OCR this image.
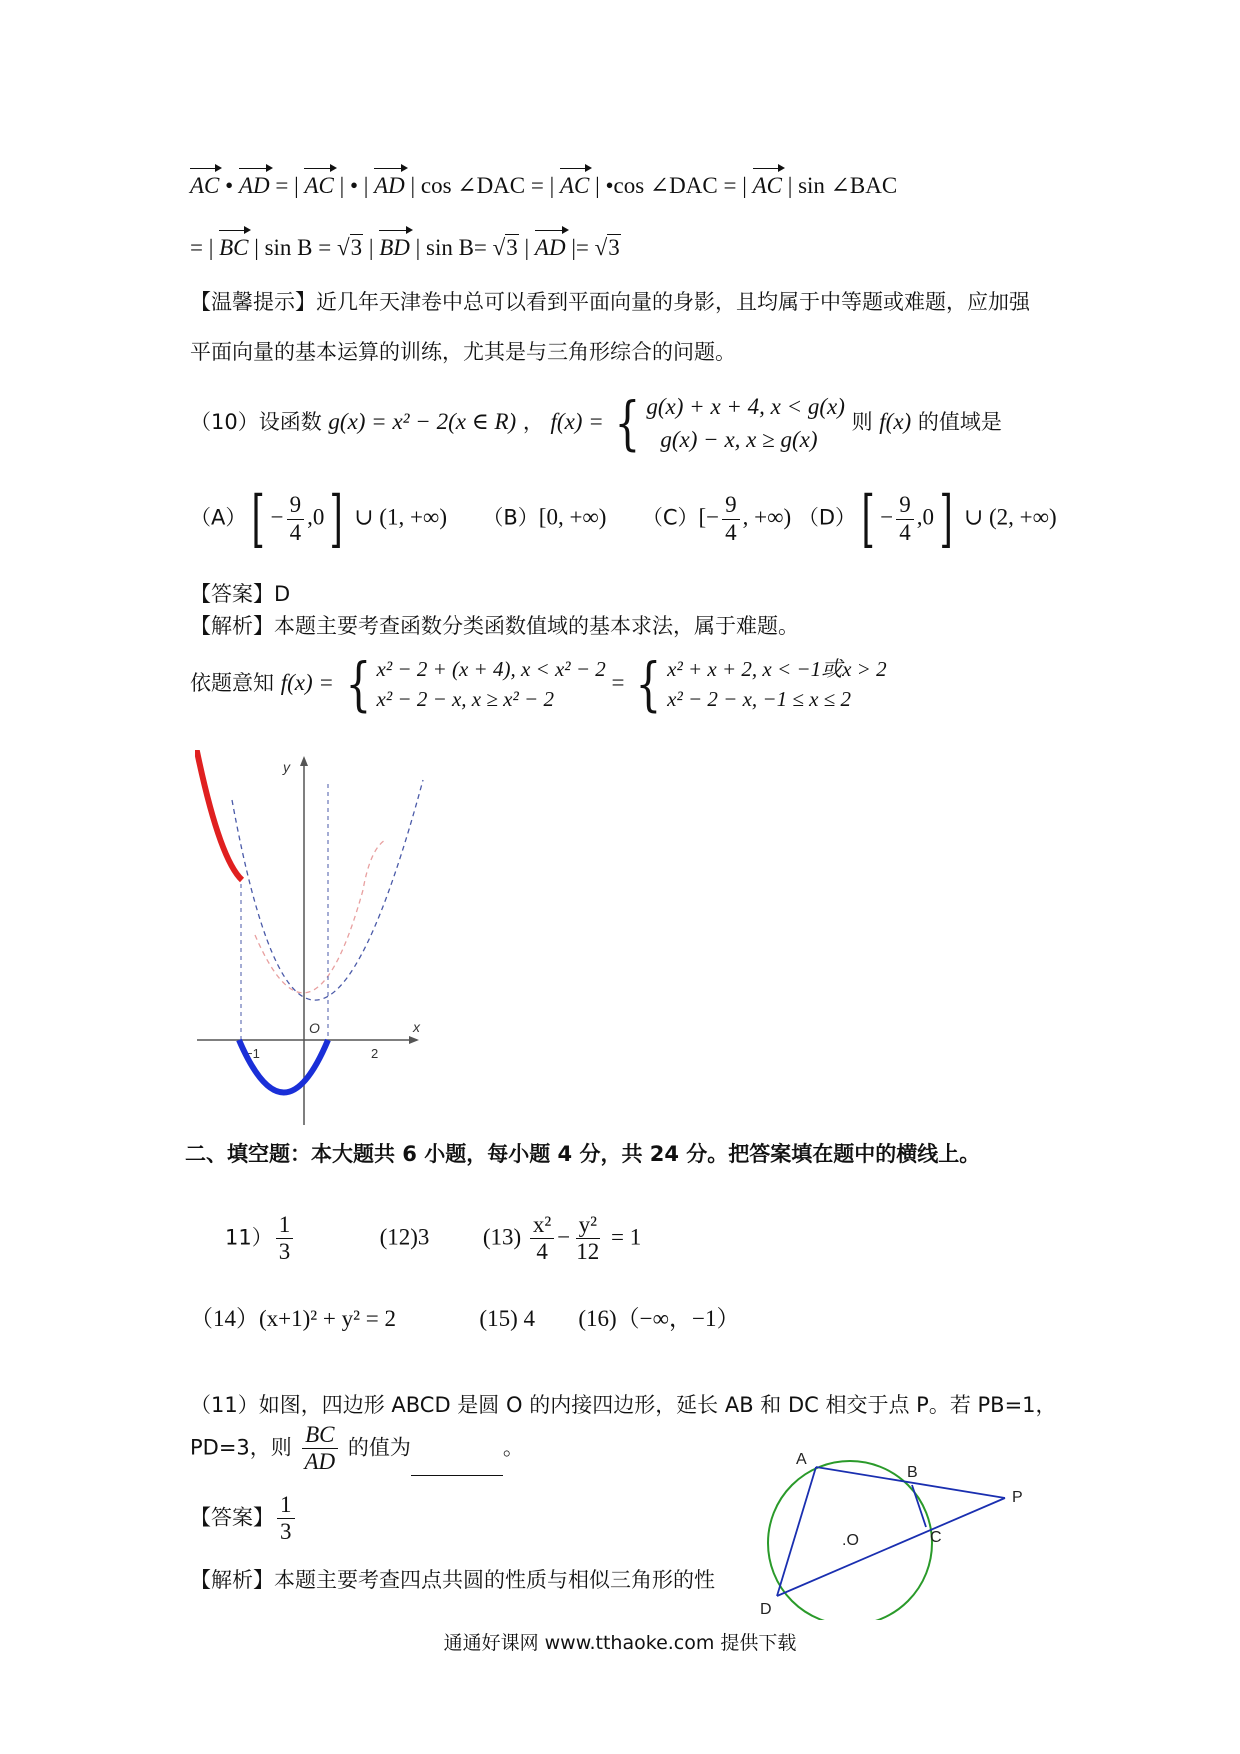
AC • AD = | AC | • | AD | cos ∠DAC = | AC | •cos ∠DAC = | AC | sin ∠BAC
= | BC | sin B = √3 | BD | sin B= √3 | AD |= √3
【温馨提示】近几年天津卷中总可以看到平面向量的身影，且均属于中等题或难题，应加强
平面向量的基本运算的训练，尤其是与三角形综合的问题。
（10）设函数 g(x) = x² − 2(x ∈ R) ， f(x) = { g(x) + x + 4, x < g(x)
g(x) − x, x ≥ g(x)
则 f(x) 的值域是
$(A)[ - \frac{9}{4} ,0]$ ∪ (1, +∞) （B）[0, +∞) $(C)[- \frac{9}{4}$ , +∞) $(D)[ - \frac{9}{4} ,0]$ ∪ (2, +∞)
【答案】D
【解析】本题主要考查函数分类函数值域的基本求法，属于难题。
依题意知 f(x) = { x² − 2 + (x + 4), x < x² − 2
x² − 2 − x, x ≥ x² − 2
= { x² + x + 2, x < −1或x > 2
x² − 2 − x, −1 ≤ x ≤ 2
y
x
O
−1	2
二、填空题：本大题共 6 小题，每小题 4 分，共 24 分。把答案填在题中的横线上。
$11) \frac{1}{3}$	(12)3 $(13) \frac{\text{x²}}{4} - \frac{\text{y²}}{12} = 1$
（14）(x+1)² + y² = 2	(15) 4 (16)（−∞，−1）
（11）如图，四边形 ABCD 是圆 O 的内接四边形，延长 AB 和 DC 相交于点 P。若 PB=1，
PD=3，则 $\frac{BC}{AD}$ 的值为	。
【答案】 $\frac{1}{3}$
【解析】本题主要考查四点共圆的性质与相似三角形的性
A
B
C
D
P
.O
通通好课网 www.tthaoke.com 提供下载
